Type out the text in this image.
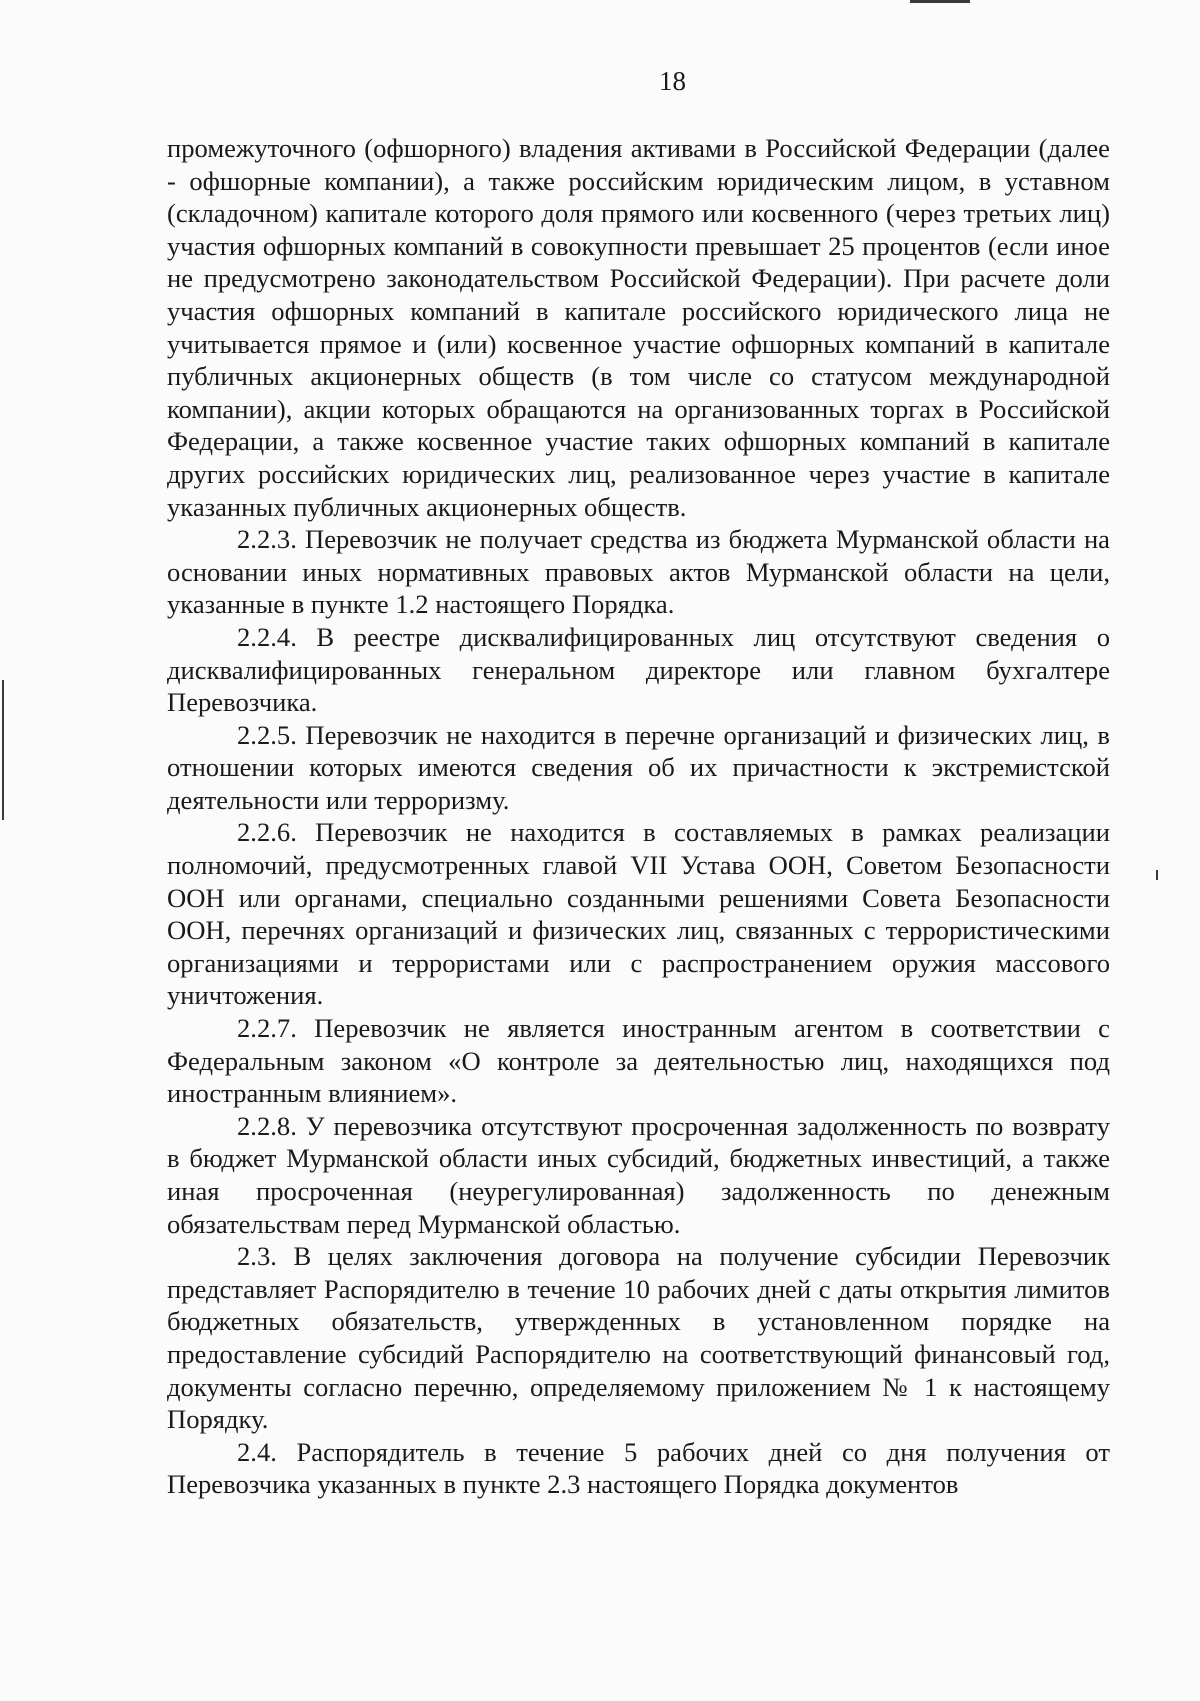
18

промежуточного (офшорного) владения активами в Российской Федерации (далее - офшорные компании), а также российским юридическим лицом, в уставном (складочном) капитале которого доля прямого или косвенного (через третьих лиц) участия офшорных компаний в совокупности превышает 25 процентов (если иное не предусмотрено законодательством Российской Федерации). При расчете доли участия офшорных компаний в капитале российского юридического лица не учитывается прямое и (или) косвенное участие офшорных компаний в капитале публичных акционерных обществ (в том числе со статусом международной компании), акции которых обращаются на организованных торгах в Российской Федерации, а также косвенное участие таких офшорных компаний в капитале других российских юридических лиц, реализованное через участие в капитале указанных публичных акционерных обществ.

2.2.3. Перевозчик не получает средства из бюджета Мурманской области на основании иных нормативных правовых актов Мурманской области на цели, указанные в пункте 1.2 настоящего Порядка.

2.2.4. В реестре дисквалифицированных лиц отсутствуют сведения о дисквалифицированных генеральном директоре или главном бухгалтере Перевозчика.

2.2.5. Перевозчик не находится в перечне организаций и физических лиц, в отношении которых имеются сведения об их причастности к экстремистской деятельности или терроризму.

2.2.6. Перевозчик не находится в составляемых в рамках реализации полномочий, предусмотренных главой VII Устава ООН, Советом Безопасности ООН или органами, специально созданными решениями Совета Безопасности ООН, перечнях организаций и физических лиц, связанных с террористическими организациями и террористами или с распространением оружия массового уничтожения.

2.2.7. Перевозчик не является иностранным агентом в соответствии с Федеральным законом «О контроле за деятельностью лиц, находящихся под иностранным влиянием».

2.2.8. У перевозчика отсутствуют просроченная задолженность по возврату в бюджет Мурманской области иных субсидий, бюджетных инвестиций, а также иная просроченная (неурегулированная) задолженность по денежным обязательствам перед Мурманской областью.

2.3. В целях заключения договора на получение субсидии Перевозчик представляет Распорядителю в течение 10 рабочих дней с даты открытия лимитов бюджетных обязательств, утвержденных в установленном порядке на предоставление субсидий Распорядителю на соответствующий финансовый год, документы согласно перечню, определяемому приложением № 1 к настоящему Порядку.

2.4. Распорядитель в течение 5 рабочих дней со дня получения от Перевозчика указанных в пункте 2.3 настоящего Порядка документов
